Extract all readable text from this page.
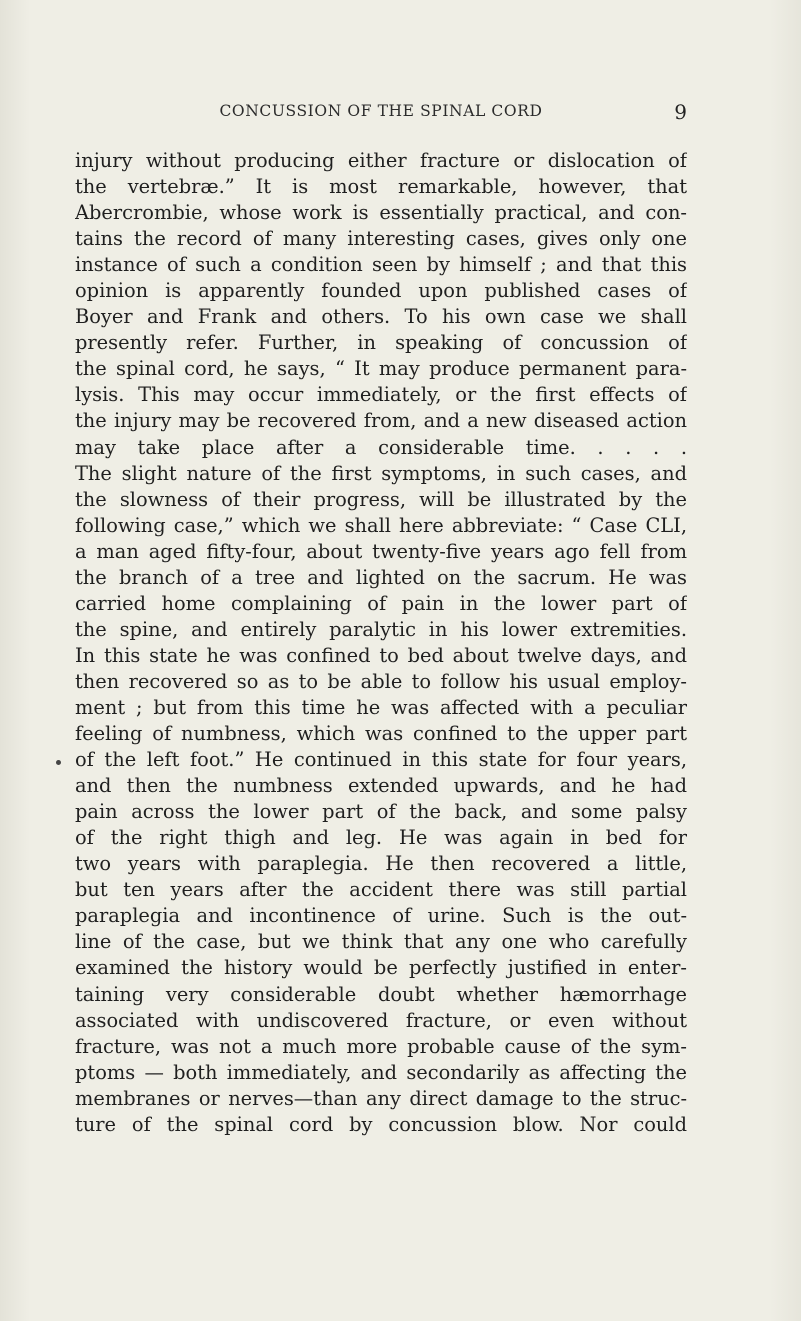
CONCUSSION OF THE SPINAL CORD	9
injury without producing either fracture or dislocation of
the vertebræ.” It is most remarkable, however, that
Abercrombie, whose work is essentially practical, and con-
tains the record of many interesting cases, gives only one
instance of such a condition seen by himself ; and that this
opinion is apparently founded upon published cases of
Boyer and Frank and others. To his own case we shall
presently refer. Further, in speaking of concussion of
the spinal cord, he says, “ It may produce permanent para-
lysis. This may occur immediately, or the first effects of
the injury may be recovered from, and a new diseased action
may take place after a considerable time. . . . .
The slight nature of the first symptoms, in such cases, and
the slowness of their progress, will be illustrated by the
following case,” which we shall here abbreviate: “ Case CLI,
a man aged fifty-four, about twenty-five years ago fell from
the branch of a tree and lighted on the sacrum. He was
carried home complaining of pain in the lower part of
the spine, and entirely paralytic in his lower extremities.
In this state he was confined to bed about twelve days, and
then recovered so as to be able to follow his usual employ-
ment ; but from this time he was affected with a peculiar
feeling of numbness, which was confined to the upper part
of the left foot.” He continued in this state for four years,
and then the numbness extended upwards, and he had
pain across the lower part of the back, and some palsy
of the right thigh and leg. He was again in bed for
two years with paraplegia. He then recovered a little,
but ten years after the accident there was still partial
paraplegia and incontinence of urine. Such is the out-
line of the case, but we think that any one who carefully
examined the history would be perfectly justified in enter-
taining very considerable doubt whether hæmorrhage
associated with undiscovered fracture, or even without
fracture, was not a much more probable cause of the sym-
ptoms — both immediately, and secondarily as affecting the
membranes or nerves—than any direct damage to the struc-
ture of the spinal cord by concussion blow. Nor could
